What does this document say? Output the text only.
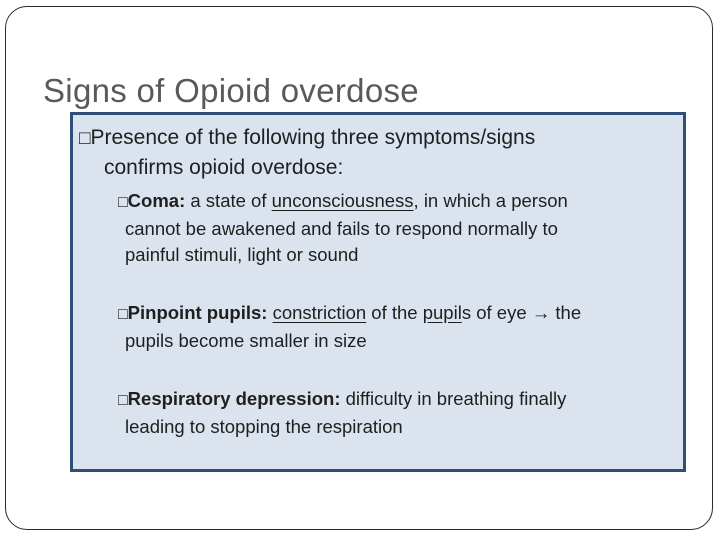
Signs of Opioid overdose
□Presence of the following three symptoms/signs
confirms opioid overdose:
□Coma: a state of unconsciousness, in which a person
cannot be awakened and fails to respond normally to
painful stimuli, light or sound
□Pinpoint pupils: constriction of the pupils of eye → the
pupils become smaller in size
□Respiratory depression: difficulty in breathing finally
leading to stopping the respiration
